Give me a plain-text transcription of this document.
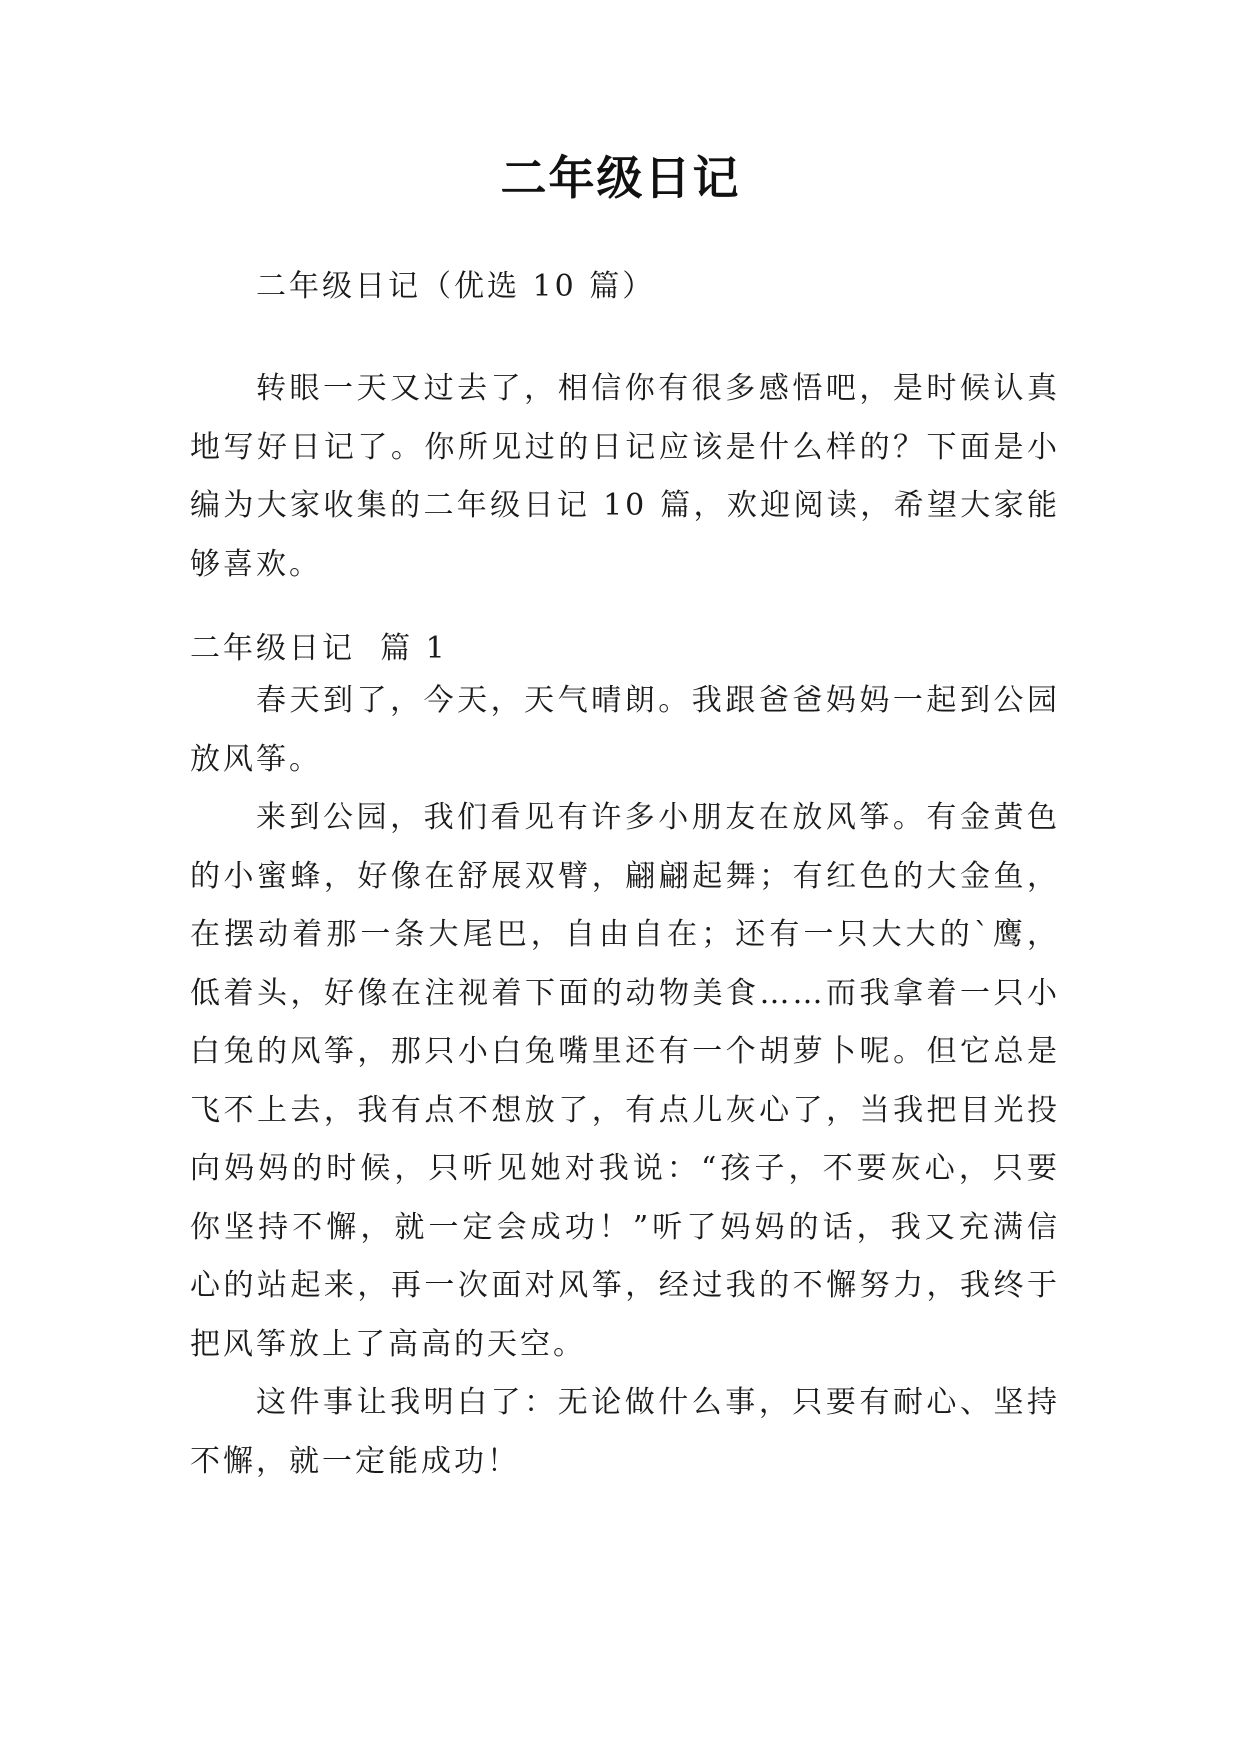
二年级日记

二年级日记（优选 10 篇）

转眼一天又过去了，相信你有很多感悟吧，是时候认真地写好日记了。你所见过的日记应该是什么样的？下面是小编为大家收集的二年级日记 10 篇，欢迎阅读，希望大家能够喜欢。

二年级日记  篇 1

春天到了，今天，天气晴朗。我跟爸爸妈妈一起到公园放风筝。

来到公园，我们看见有许多小朋友在放风筝。有金黄色的小蜜蜂，好像在舒展双臂，翩翩起舞；有红色的大金鱼，在摆动着那一条大尾巴，自由自在；还有一只大大的`鹰，低着头，好像在注视着下面的动物美食……而我拿着一只小白兔的风筝，那只小白兔嘴里还有一个胡萝卜呢。但它总是飞不上去，我有点不想放了，有点儿灰心了，当我把目光投向妈妈的时候，只听见她对我说：“孩子，不要灰心，只要你坚持不懈，就一定会成功！”听了妈妈的话，我又充满信心的站起来，再一次面对风筝，经过我的不懈努力，我终于把风筝放上了高高的天空。

这件事让我明白了：无论做什么事，只要有耐心、坚持不懈，就一定能成功！
